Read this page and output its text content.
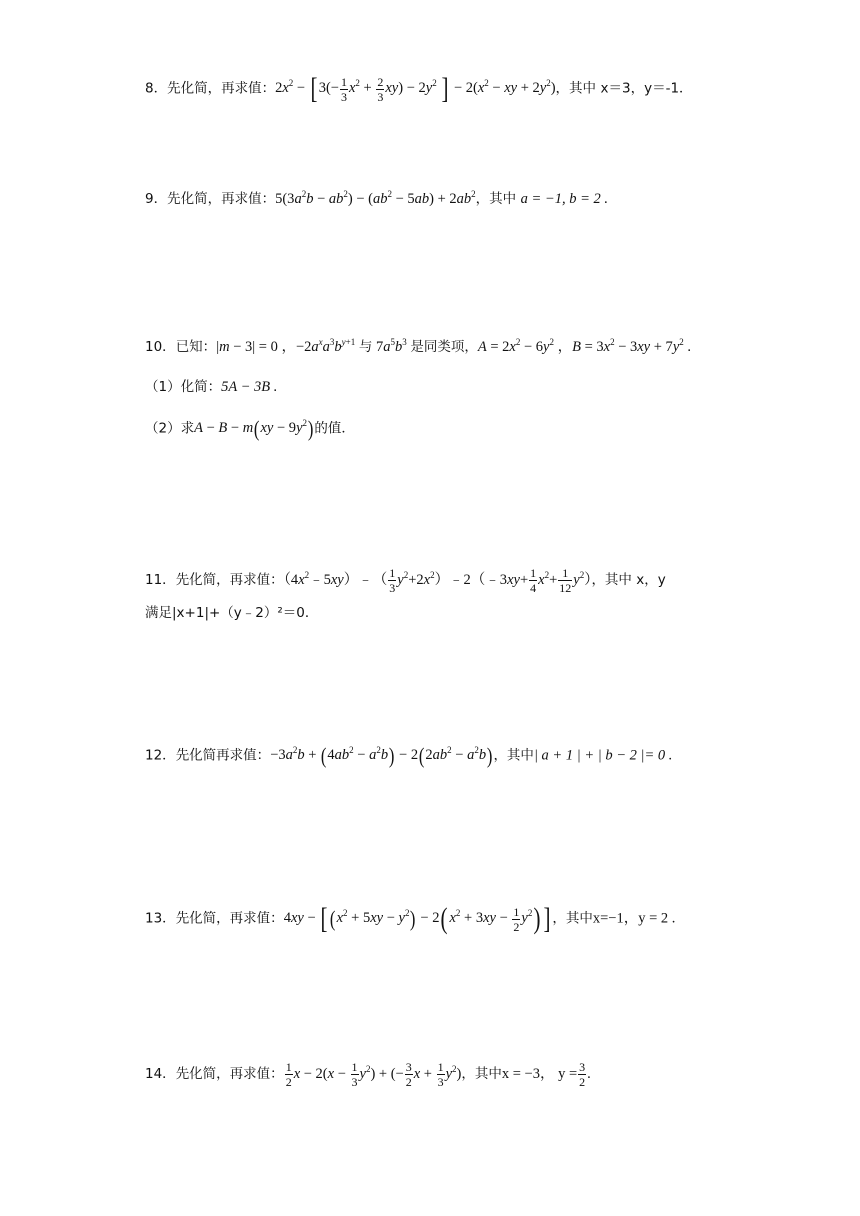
8．先化简，再求值：$2x^2$ − [ $3(- \frac{1}{3} x^2 + \frac{2}{3} xy) - 2y^2$ ] − $2(x^2$ − xy + $2y^2$)，其中 x＝3，y＝-1．
9．先化简，再求值：$5(3a^2b - ab^2) - (ab^2 - 5ab) + 2ab^2$，其中 a = −1, b = 2 .
10．已知：|m − 3| = 0 ，$-2a^xa^3b^{y+1}$ 与 $7a^5b^3$ 是同类项，$A = 2x^2 - 6y^2$ ，$B = 3x^2 - 3xy + 7y^2$ .
（1）化简：5A − 3B .
（2）求$A - B - m(xy - 9y^2)$的值．
11．先化简，再求值：$(4x^2﹣5xy)﹣( \frac{1}{3}$ $y^2+2x^2)﹣2(﹣3xy+ \frac{1}{4} x^2+ \frac{1}{12} y^2)$，其中 x，y
满足|x+1|+（y﹣2）²＝0．
12．先化简再求值：$-3a^2b + (4ab^2 - a^2b) - 2(2ab^2 - a^2b)$，其中| a + 1 | + | b − 2 |= 0 .
13．先化简，再求值：4xy − [ $(x^2 + 5xy - y^2) - 2$( $x^2 + 3xy - \frac{1}{2} y^2$) ] ，其中x=−1，y = 2 .
14．先化简，再求值： $\frac{1}{2}$ $x - 2(x - \frac{1}{3} y^2)$ + (− $\frac{3}{2}$ $x + \frac{1}{3} y^2$)，其中x = −3， $y = \frac{3}{2}$ .
